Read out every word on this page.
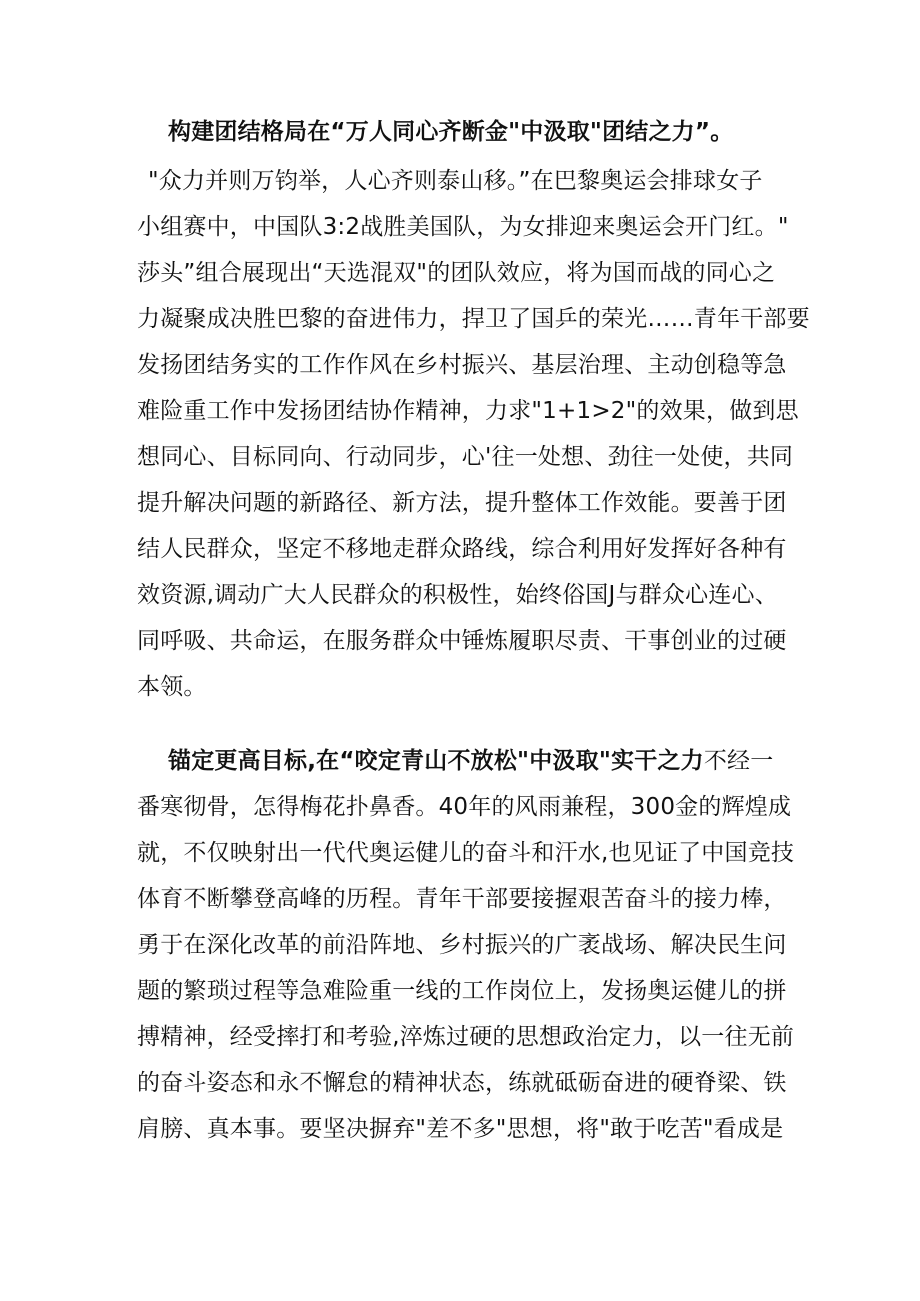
构建团结格局在“万人同心齐断金"中汲取"团结之力”。
"众力并则万钧举，人心齐则泰山移。”在巴黎奥运会排球女子
小组赛中，中国队3:2战胜美国队，为女排迎来奥运会开门红。"
莎头”组合展现出“天选混双"的团队效应，将为国而战的同心之
力凝聚成决胜巴黎的奋进伟力，捍卫了国乒的荣光……青年干部要
发扬团结务实的工作作风在乡村振兴、基层治理、主动创稳等急
难险重工作中发扬团结协作精神，力求"1+1>2"的效果，做到思
想同心、目标同向、行动同步，心'往一处想、劲往一处使，共同
提升解决问题的新路径、新方法，提升整体工作效能。要善于团
结人民群众，坚定不移地走群众路线，综合利用好发挥好各种有
效资源,调动广大人民群众的积极性，始终俗国J与群众心连心、
同呼吸、共命运，在服务群众中锤炼履职尽责、干事创业的过硬
本领。
锚定更高目标,在“咬定青山不放松"中汲取"实干之力不经一
番寒彻骨，怎得梅花扑鼻香。40年的风雨兼程，300金的辉煌成
就，不仅映射出一代代奥运健儿的奋斗和汗水,也见证了中国竞技
体育不断攀登高峰的历程。青年干部要接握艰苦奋斗的接力棒，
勇于在深化改革的前沿阵地、乡村振兴的广袤战场、解决民生问
题的繁琐过程等急难险重一线的工作岗位上，发扬奥运健儿的拼
搏精神，经受摔打和考验,淬炼过硬的思想政治定力，以一往无前
的奋斗姿态和永不懈怠的精神状态，练就砥砺奋进的硬脊梁、铁
肩膀、真本事。要坚决摒弃"差不多"思想，将"敢于吃苦"看成是
